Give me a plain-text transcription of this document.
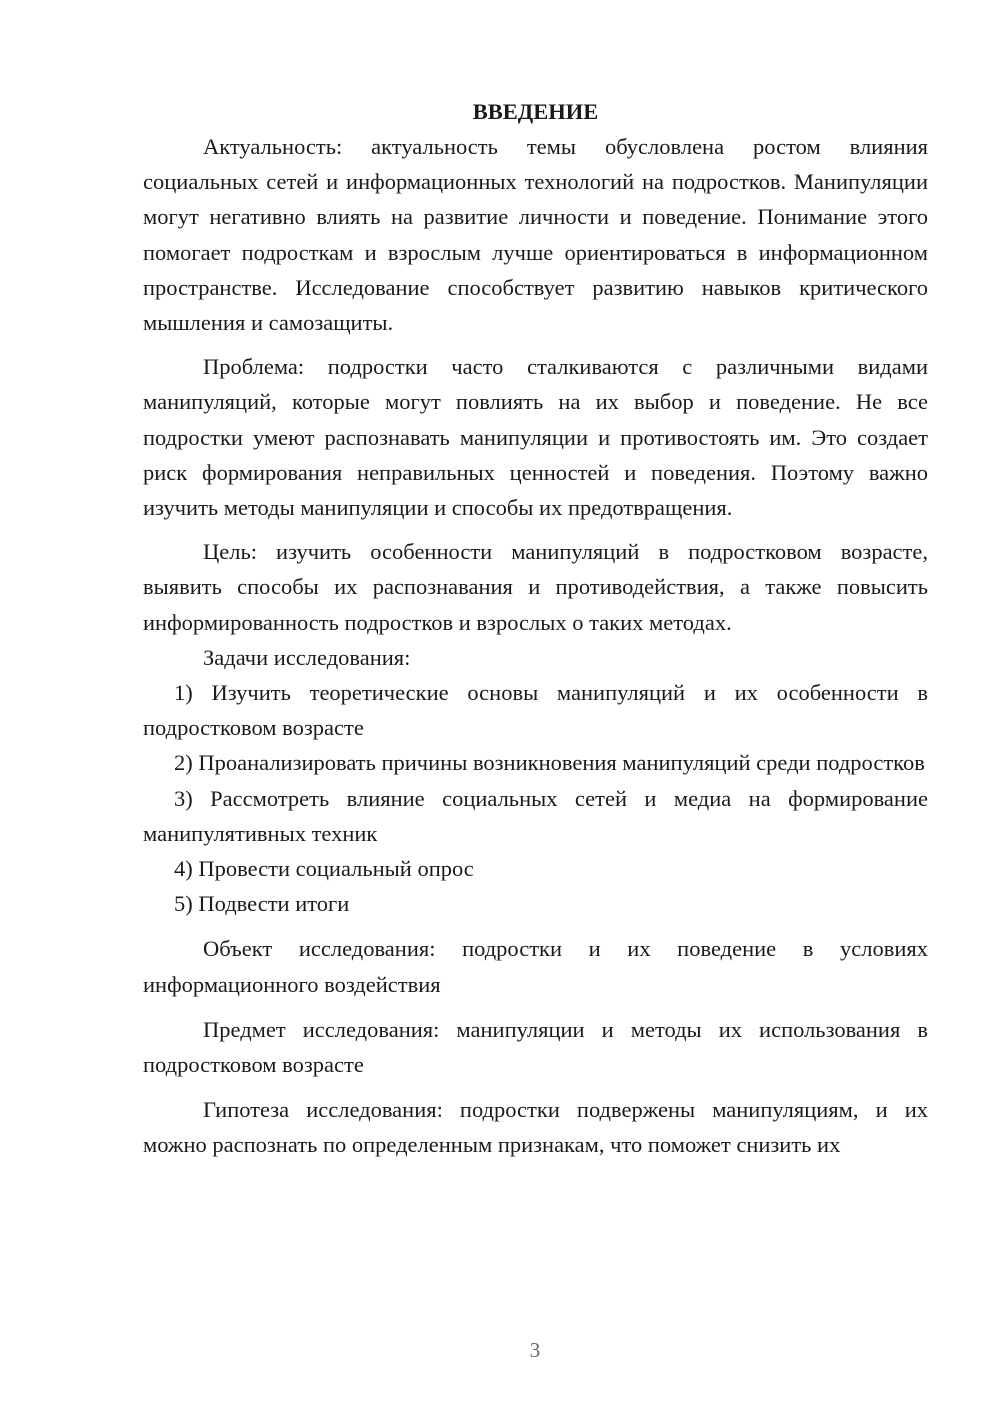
ВВЕДЕНИЕ

Актуальность: актуальность темы обусловлена ростом влияния социальных сетей и информационных технологий на подростков. Манипуляции могут негативно влиять на развитие личности и поведение. Понимание этого помогает подросткам и взрослым лучше ориентироваться в информационном пространстве. Исследование способствует развитию навыков критического мышления и самозащиты.

Проблема: подростки часто сталкиваются с различными видами манипуляций, которые могут повлиять на их выбор и поведение. Не все подростки умеют распознавать манипуляции и противостоять им. Это создает риск формирования неправильных ценностей и поведения. Поэтому важно изучить методы манипуляции и способы их предотвращения.

Цель: изучить особенности манипуляций в подростковом возрасте, выявить способы их распознавания и противодействия, а также повысить информированность подростков и взрослых о таких методах.

Задачи исследования:

1) Изучить теоретические основы манипуляций и их особенности в подростковом возрасте

2) Проанализировать причины возникновения манипуляций среди подростков

3) Рассмотреть влияние социальных сетей и медиа на формирование манипулятивных техник

4) Провести социальный опрос

5) Подвести итоги

Объект исследования: подростки и их поведение в условиях информационного воздействия

Предмет исследования: манипуляции и методы их использования в подростковом возрасте

Гипотеза исследования: подростки подвержены манипуляциям, и их можно распознать по определенным признакам, что поможет снизить их

3
